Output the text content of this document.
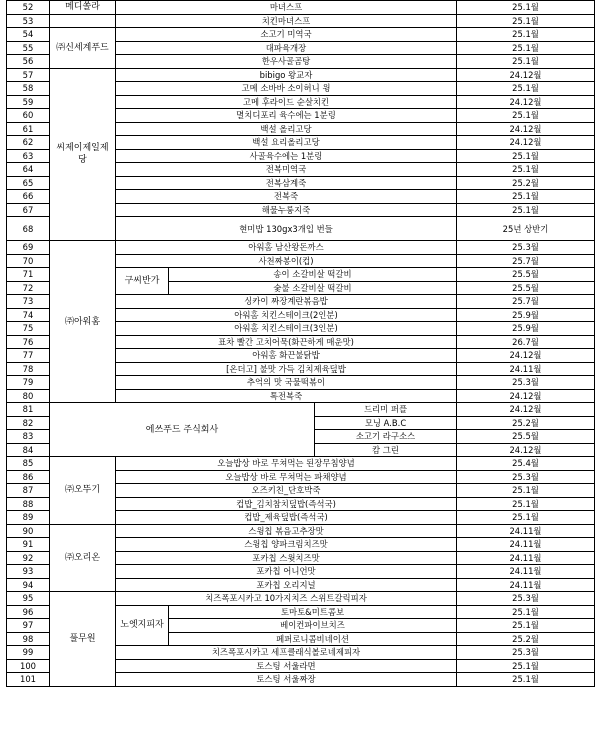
52	메디쏠라	마녀스프			25.1월
53		치킨마녀스프			25.1월
54	㈜신세계푸드	소고기 미역국			25.1월
55		대파육개장			25.1월
56		한우사골곰탕			25.1월
57	씨제이제일제당	bibigo 왕교자			24.12월
58		고메 소바바 소이허니 윙			25.1월
59		고메 후라이드 순살치킨			24.12월
60		멸치디포리 육수에는 1분링			25.1월
61		백설 올리고당			24.12월
62		백설 요리올리고당			24.12월
63		사골육수에는 1분링			25.1월
64		전복미역국			25.1월
65		전복삼계죽			25.2월
66		전복죽			25.1월
67		해물누룽지죽			25.1월
68		현미밥 130gx3개입 번들			25년 상반기
69	㈜아워홈	아워홈 남산왕돈까스			25.3월
70		사천짜봉이(컵)			25.7월
71		구씨반가	송이 소갈비살 떡갈비		25.5월
72			숯불 소갈비살 떡갈비		25.5월
73		싱카이 짜장계란볶음밥			25.7월
74		아워홈 치킨스테이크(2인분)			25.9월
75		아워홈 치킨스테이크(3인분)			25.9월
76		표차 빨간 고치어묵(화끈하게 매운맛)			26.7월
77		아워홈 화끈불닭밥			24.12월
78		[온더고] 불맛 가득 김치제육덮밥			24.11월
79		추억의 맛 국물떡볶이			25.3월
80		톡전복죽			24.12월
81	에쓰푸드 주식회사			드리미 퍼플	24.12월
82				모닝 A.B.C	25.2월
83				소고기 라구소스	25.5월
84				캄 그린	24.12월
85	㈜오뚜기	오늘밥상 바로 무쳐먹는 된장무침양념			25.4월
86		오늘밥상 바로 무쳐먹는 파채양념			25.3월
87		오즈키친_단호박죽			25.1월
88		컵밥_김치참치덮밥(즉석국)			25.1월
89		컵밥_제육덮밥(즉석국)			25.1월
90	㈜오리온	스윙칩 볶음고추장맛			24.11월
91		스윙칩 양파크림치즈맛			24.11월
92		포카칩 스윗치즈맛			24.11월
93		포카칩 어니언맛			24.11월
94		포카칩 오리지널			24.11월
95	풀무원	치즈폭포시카고 10가지치즈 스위트갈릭피자			25.3월
96		노엣지피자	토마토&미트콤보		25.1월
97			베이컨파이브치즈		25.1월
98			페퍼로니콤비네이션		25.2월
99		치즈폭포시카고 세프클래식볼로네제피자			25.3월
100		토스팅 서울라면			25.1월
101		토스팅 서울짜장			25.1월
